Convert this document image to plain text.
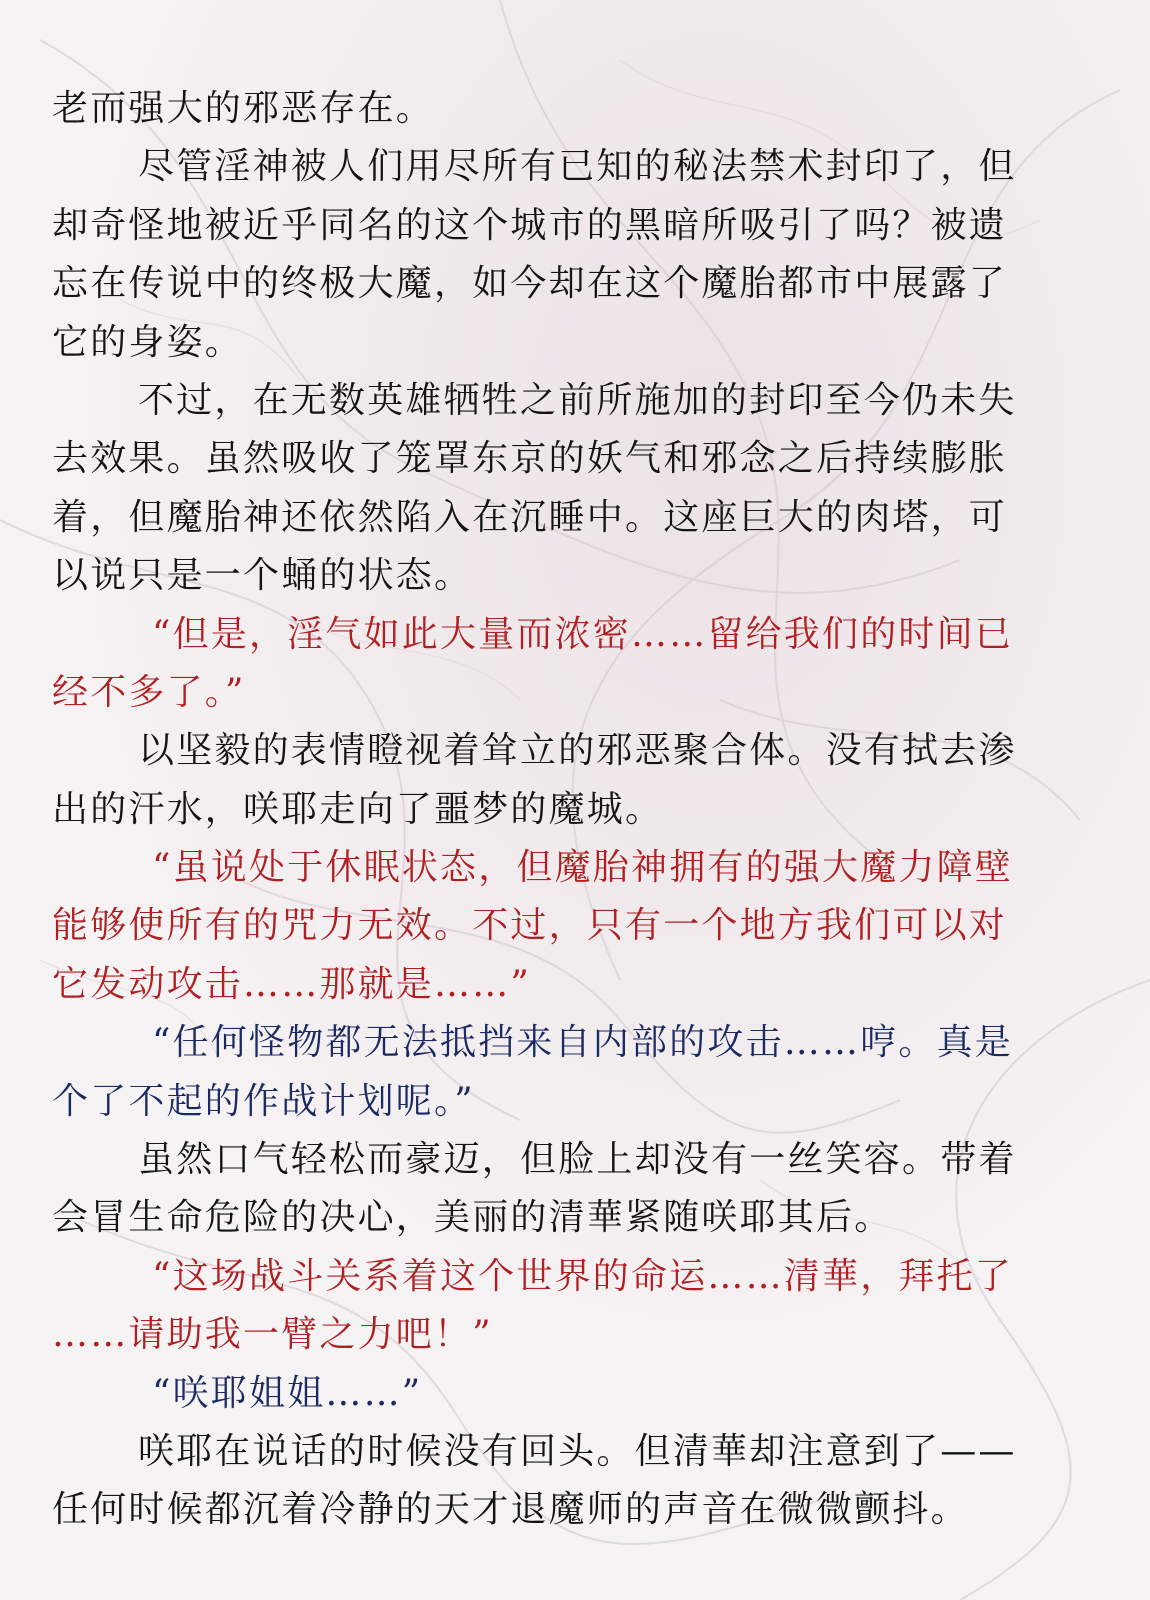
老而强大的邪恶存在。
尽管淫神被人们用尽所有已知的秘法禁术封印了，但
却奇怪地被近乎同名的这个城市的黑暗所吸引了吗？被遗
忘在传说中的终极大魔，如今却在这个魔胎都市中展露了
它的身姿。
不过，在无数英雄牺牲之前所施加的封印至今仍未失
去效果。虽然吸收了笼罩东京的妖气和邪念之后持续膨胀
着，但魔胎神还依然陷入在沉睡中。这座巨大的肉塔，可
以说只是一个蛹的状态。
“但是，淫气如此大量而浓密……留给我们的时间已
经不多了。”
以坚毅的表情瞪视着耸立的邪恶聚合体。没有拭去渗
出的汗水，咲耶走向了噩梦的魔城。
“虽说处于休眠状态，但魔胎神拥有的强大魔力障壁
能够使所有的咒力无效。不过，只有一个地方我们可以对
它发动攻击……那就是……”
“任何怪物都无法抵挡来自内部的攻击……哼。真是
个了不起的作战计划呢。”
虽然口气轻松而豪迈，但脸上却没有一丝笑容。带着
会冒生命危险的决心，美丽的清華紧随咲耶其后。
“这场战斗关系着这个世界的命运……清華，拜托了
……请助我一臂之力吧！”
“咲耶姐姐……”
咲耶在说话的时候没有回头。但清華却注意到了——
任何时候都沉着冷静的天才退魔师的声音在微微颤抖。
